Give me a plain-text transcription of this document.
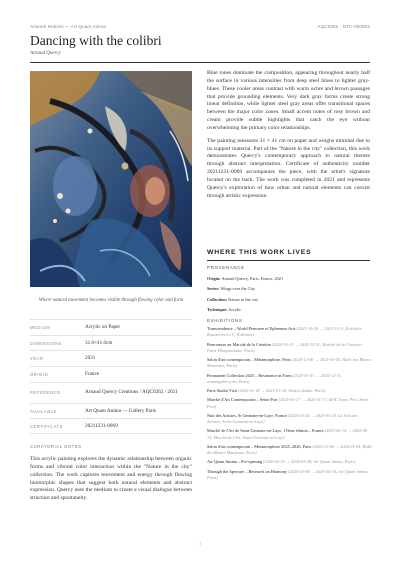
Artwork Notices — Art Quam Anima	AQC0262 · NTC-000002
Dancing with the colibri
Arnaud Quercy
Where natural movement becomes visible through flowing color and form
MEDIUM	Acrylic on Paper
DIMENSIONS	31.0×41.0cm
YEAR	2021
ORIGIN	France
REFERENCE	Arnaud Quercy Creations / AQC0262 / 2021
AVAILABLE	Art Quam Anima — Gallery Paris
CERTIFICATE	20211231-0069
CURATORIAL NOTES

This acrylic painting explores the dynamic relationship between organic forms and vibrant color interaction within the "Nature in the city" collection. The work captures movement and energy through flowing biomorphic shapes that suggest both natural elements and abstract expression. Quercy uses the medium to create a visual dialogue between structure and spontaneity.

Blue tones dominate the composition, appearing throughout nearly half the surface in various intensities from deep steel blues to lighter gray-blues. These cooler areas contrast with warm ochre and brown passages that provide grounding elements. Very dark gray forms create strong linear definition, while lighter steel gray areas offer transitional spaces between the major color zones. Small accent notes of rosy brown and cream provide subtle highlights that catch the eye without overwhelming the primary color relationships.

The painting measures 31 × 41 cm on paper and weighs minimal due to its support material. Part of the "Nature in the city" collection, this work demonstrates Quercy's contemporary approach to natural themes through abstract interpretation. Certificate of authenticity number 20211231-0069 accompanies the piece, with the artist's signature located on the back. The work was completed in 2021 and represents Quercy's exploration of how urban and natural elements can coexist through artistic expression.

WHERE THIS WORK LIVES
PROVENANCE
Origin: Arnaud Quercy, Paris, France, 2021
Series: Wings over the City
Collection: Nature in the city
Technique: Acrylic
EXHIBITIONS
Transcendence – World Premiere of Ephemera Arts (2021-10-26 → 2021-11-11, Kollektiv Kunstverein e.V., Kollektiv)
Rencontres au Marché de la Création (2024-10-13 → 2024-12-31, Marché de la Création - Paris Montparnasse, Paris)
Salon d'art contemporain – Metamorphose, Paris (2024-12-06 → 2025-01-05, Halle des Blancs Manteaux, Paris)
Permanent Collection 2025 – Resonance in Form (2025-01-01 → 2025-12-31, artandgallery.net, Paris)
Paris Studio Visit (2025-01-18 → 2025-01-18, Artist's Studio, Paris)
Marché d'Art Contemporain – Seine Port (2025-01-17 → 2025-01-17, MAC Seine Port, Seine Port)
Nuit des Artistes, St Germain-en-Laye, France (2025-05-24 → 2025-05-24, La Nuit des Artistes, Saint-Germain-en-Laye)
Marché de l'Art de Saint-Germain-en-Laye, 17ème édition – France (2025-06-14 → 2025-06-15, Marché de l'Art, Saint-Germain-en-Laye)
Salon d'art contemporain – Metamorphose 2025–2026, Paris (2025-12-06 → 2026-01-04, Halle des Blancs Manteaux, Paris)
Art Quam Anima – Pre-opening (2026-01-15 → 2026-02-28, Art Quam Anima, Paris)
Through the Aperture – Research on Harmony (2026-03-08 → 2026-06-30, Art Quam Anima, Paris)
1
